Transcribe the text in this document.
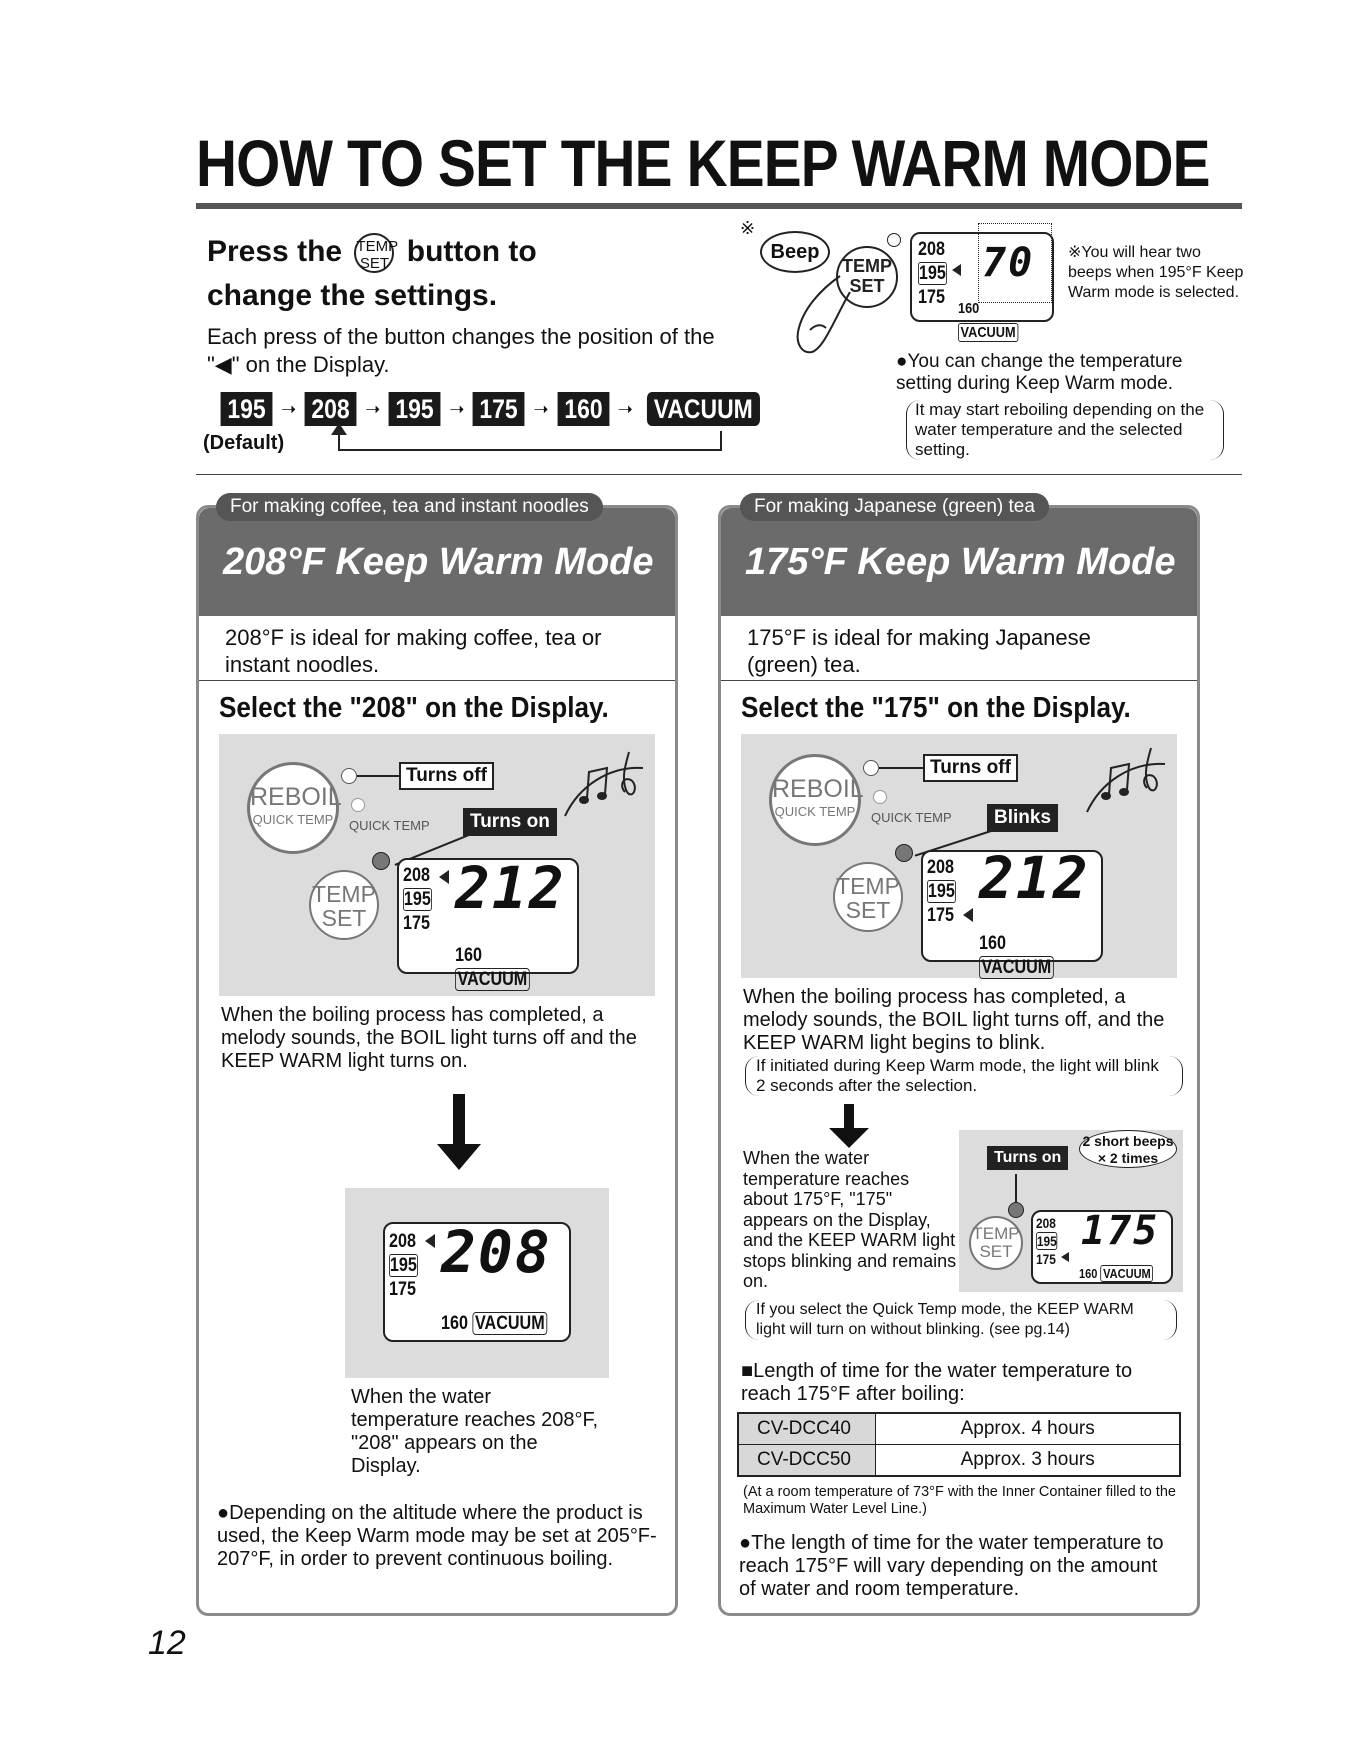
HOW TO SET THE KEEP WARM MODE
Press the TEMP
SET button to
change the settings.
Each press of the button changes the position of the "◀" on the Display.
195 ➝ 208 ➝ 195 ➝ 175 ➝ 160 ➝ VACUUM
(Default)
※
Beep
TEMP
SET
208
195
175
70
160 VACUUM
※You will hear two beeps when 195°F Keep Warm mode is selected.
●You can change the temperature setting during Keep Warm mode.
It may start reboiling depending on the water temperature and the selected setting.
208°F Keep Warm Mode
208°F is ideal for making coffee, tea or instant noodles.
Select the "208" on the Display.
REBOIL
QUICK TEMP
Turns off
QUICK TEMP	Turns on
TEMP
SET
208
195
175
212
160 VACUUM
When the boiling process has completed, a melody sounds, the BOIL light turns off and the KEEP WARM light turns on.
208
195
175
208
160 VACUUM
When the water temperature reaches 208°F, "208" appears on the Display.
●Depending on the altitude where the product is used, the Keep Warm mode may be set at 205°F-207°F, in order to prevent continuous boiling.
For making coffee, tea and instant noodles
175°F Keep Warm Mode
175°F is ideal for making Japanese (green) tea.
Select the "175" on the Display.
REBOIL
QUICK TEMP
Turns off
QUICK TEMP	Blinks
TEMP
SET
208
195
175
212
160 VACUUM
When the boiling process has completed, a melody sounds, the BOIL light turns off, and the KEEP WARM light begins to blink.
If initiated during Keep Warm mode, the light will blink 2 seconds after the selection.
When the water temperature reaches about 175°F, "175" appears on the Display, and the KEEP WARM light stops blinking and remains on.
Turns on
2 short beeps × 2 times
TEMP
SET
208
195
175
175
160 VACUUM
If you select the Quick Temp mode, the KEEP WARM light will turn on without blinking. (see pg.14)
■Length of time for the water temperature to reach 175°F after boiling:
CV-DCC40	Approx. 4 hours
CV-DCC50	Approx. 3 hours
(At a room temperature of 73°F with the Inner Container filled to the Maximum Water Level Line.)
●The length of time for the water temperature to reach 175°F will vary depending on the amount of water and room temperature.
For making Japanese (green) tea
12
